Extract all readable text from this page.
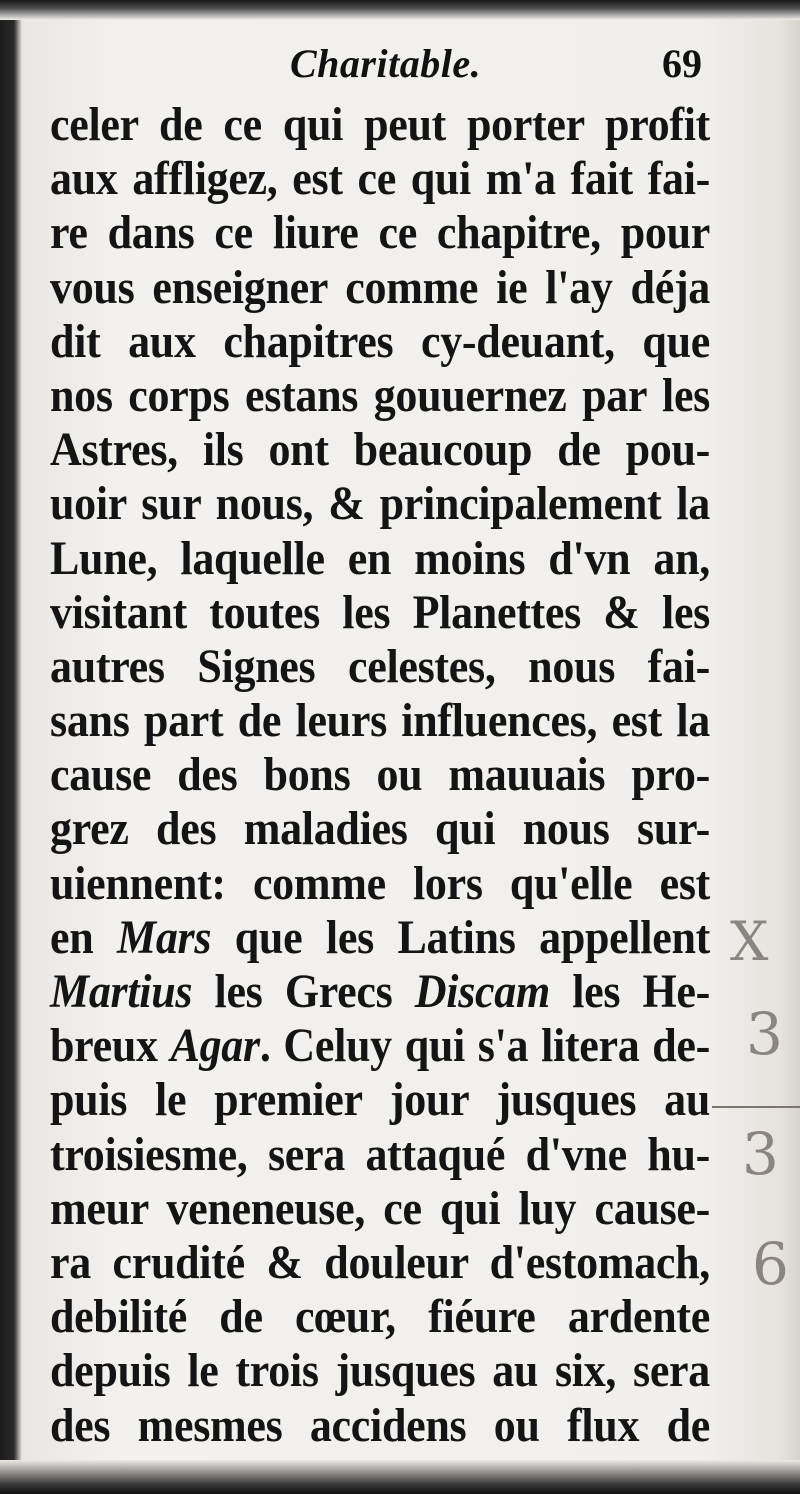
Charitable.	69
celer de ce qui peut porter profit
aux affligez, est ce qui m'a fait fai-
re dans ce liure ce chapitre, pour
vous enseigner comme ie l'ay déja
dit aux chapitres cy-deuant, que
nos corps estans gouuernez par les
Astres, ils ont beaucoup de pou-
uoir sur nous, & principalement la
Lune, laquelle en moins d'vn an,
visitant toutes les Planettes & les
autres Signes celestes, nous fai-
sans part de leurs influences, est la
cause des bons ou mauuais pro-
grez des maladies qui nous sur-
uiennent: comme lors qu'elle est
en Mars que les Latins appellent
Martius les Grecs Discam les He-
breux Agar. Celuy qui s'a litera de-
puis le premier jour jusques au
troisiesme, sera attaqué d'vne hu-
meur veneneuse, ce qui luy cause-
ra crudité & douleur d'estomach,
debilité de cœur, fiéure ardente
depuis le trois jusques au six, sera
des mesmes accidens ou flux de
X
3
3
6
